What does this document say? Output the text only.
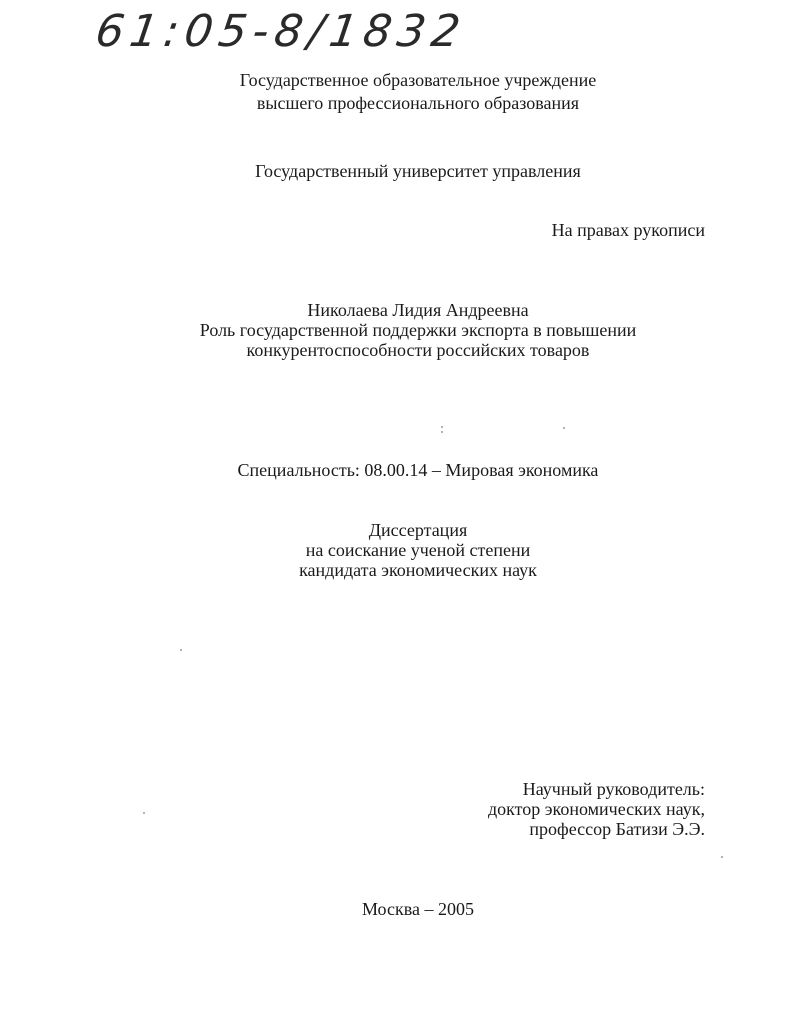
61:05-8/1832
Государственное образовательное учреждение
высшего профессионального образования
Государственный университет управления
На правах рукописи
Николаева Лидия Андреевна
Роль государственной поддержки экспорта в повышении
конкурентоспособности российских товаров
Специальность: 08.00.14 – Мировая экономика
Диссертация
на соискание ученой степени
кандидата экономических наук
Научный руководитель:
доктор экономических наук,
профессор Батизи Э.Э.
Москва – 2005
